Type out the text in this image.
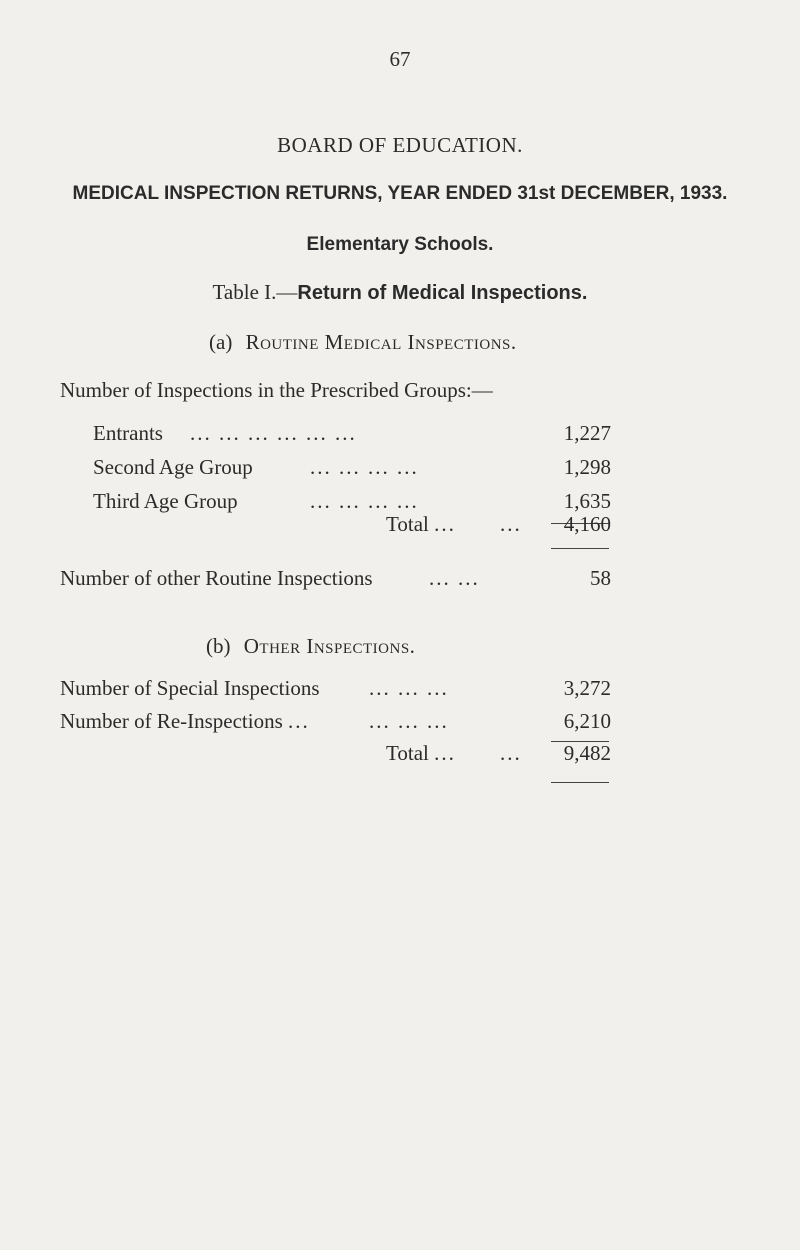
67
BOARD OF EDUCATION.
MEDICAL INSPECTION RETURNS, YEAR ENDED 31st DECEMBER, 1933.
Elementary Schools.
Table I.—Return of Medical Inspections.
(a) Routine Medical Inspections.
Number of Inspections in the Prescribed Groups:—
Entrants ... ... ... ... ... ...	1,227
Second Age Group	... ... ... ...	1,298
Third Age Group	... ... ... ...	1,635
Total ... ...	4,160
Number of other Routine Inspections	... ...	58
(b) Other Inspections.
Number of Special Inspections ... ... ...	3,272
Number of Re-Inspections ...	... ... ...	6,210
Total ... ...	9,482
